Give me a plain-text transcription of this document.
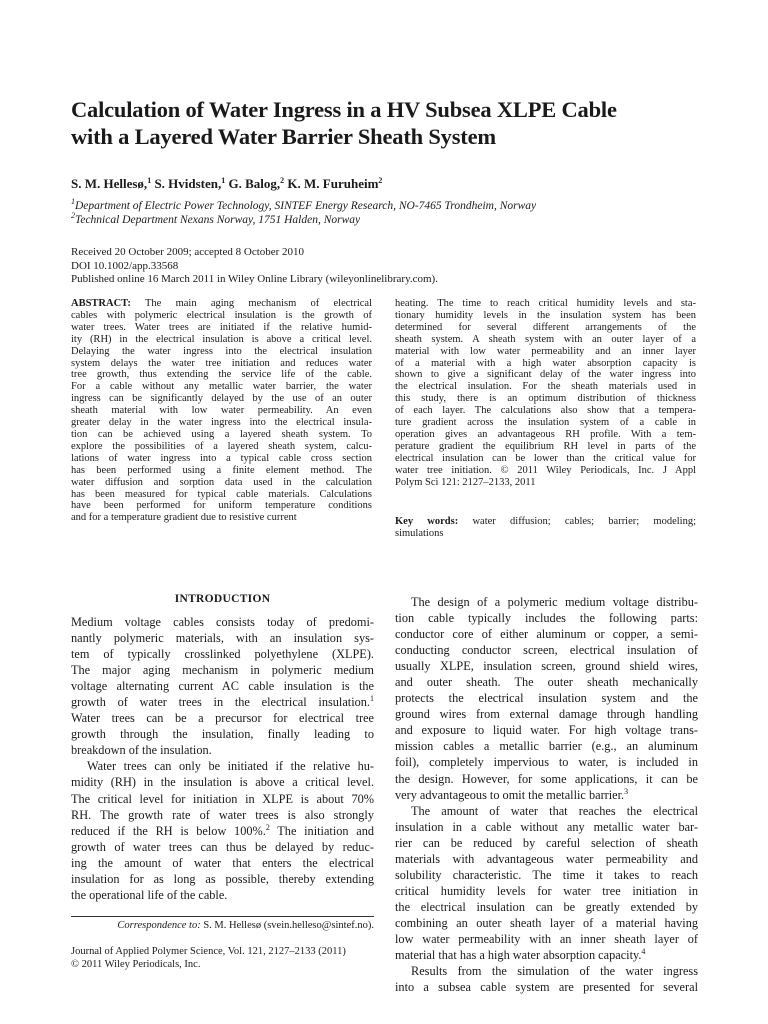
Calculation of Water Ingress in a HV Subsea XLPE Cable
with a Layered Water Barrier Sheath System
S. M. Hellesø,$^1$ S. Hvidsten,$^1$ G. Balog,$^2$ K. M. Furuheim$^2$
$^1$Department of Electric Power Technology, SINTEF Energy Research, NO-7465 Trondheim, Norway
$^2$Technical Department Nexans Norway, 1751 Halden, Norway
Received 20 October 2009; accepted 8 October 2010
DOI 10.1002/app.33568
Published online 16 March 2011 in Wiley Online Library (wileyonlinelibrary.com).
ABSTRACT: The main aging mechanism of electrical
cables with polymeric electrical insulation is the growth of
water trees. Water trees are initiated if the relative humid-
ity (RH) in the electrical insulation is above a critical level.
Delaying the water ingress into the electrical insulation
system delays the water tree initiation and reduces water
tree growth, thus extending the service life of the cable.
For a cable without any metallic water barrier, the water
ingress can be significantly delayed by the use of an outer
sheath material with low water permeability. An even
greater delay in the water ingress into the electrical insula-
tion can be achieved using a layered sheath system. To
explore the possibilities of a layered sheath system, calcu-
lations of water ingress into a typical cable cross section
has been performed using a finite element method. The
water diffusion and sorption data used in the calculation
has been measured for typical cable materials. Calculations
have been performed for uniform temperature conditions
and for a temperature gradient due to resistive current
heating. The time to reach critical humidity levels and sta-
tionary humidity levels in the insulation system has been
determined for several different arrangements of the
sheath system. A sheath system with an outer layer of a
material with low water permeability and an inner layer
of a material with a high water absorption capacity is
shown to give a significant delay of the water ingress into
the electrical insulation. For the sheath materials used in
this study, there is an optimum distribution of thickness
of each layer. The calculations also show that a tempera-
ture gradient across the insulation system of a cable in
operation gives an advantageous RH profile. With a tem-
perature gradient the equilibrium RH level in parts of the
electrical insulation can be lower than the critical value for
water tree initiation. © 2011 Wiley Periodicals, Inc. J Appl
Polym Sci 121: 2127–2133, 2011
Key words: water diffusion; cables; barrier; modeling;
simulations
INTRODUCTION
Medium voltage cables consists today of predomi-
nantly polymeric materials, with an insulation sys-
tem of typically crosslinked polyethylene (XLPE).
The major aging mechanism in polymeric medium
voltage alternating current AC cable insulation is the
growth of water trees in the electrical insulation.$^1$
Water trees can be a precursor for electrical tree
growth through the insulation, finally leading to
breakdown of the insulation.
Water trees can only be initiated if the relative hu-
midity (RH) in the insulation is above a critical level.
The critical level for initiation in XLPE is about 70%
RH. The growth rate of water trees is also strongly
reduced if the RH is below 100%.$^2$ The initiation and
growth of water trees can thus be delayed by reduc-
ing the amount of water that enters the electrical
insulation for as long as possible, thereby extending
the operational life of the cable.
The design of a polymeric medium voltage distribu-
tion cable typically includes the following parts:
conductor core of either aluminum or copper, a semi-
conducting conductor screen, electrical insulation of
usually XLPE, insulation screen, ground shield wires,
and outer sheath. The outer sheath mechanically
protects the electrical insulation system and the
ground wires from external damage through handling
and exposure to liquid water. For high voltage trans-
mission cables a metallic barrier (e.g., an aluminum
foil), completely impervious to water, is included in
the design. However, for some applications, it can be
very advantageous to omit the metallic barrier.$^3$
The amount of water that reaches the electrical
insulation in a cable without any metallic water bar-
rier can be reduced by careful selection of sheath
materials with advantageous water permeability and
solubility characteristic. The time it takes to reach
critical humidity levels for water tree initiation in
the electrical insulation can be greatly extended by
combining an outer sheath layer of a material having
low water permeability with an inner sheath layer of
material that has a high water absorption capacity.$^4$
Results from the simulation of the water ingress
into a subsea cable system are presented for several
Correspondence to: S. M. Hellesø (svein.helleso@sintef.no).
Journal of Applied Polymer Science, Vol. 121, 2127–2133 (2011)
© 2011 Wiley Periodicals, Inc.
